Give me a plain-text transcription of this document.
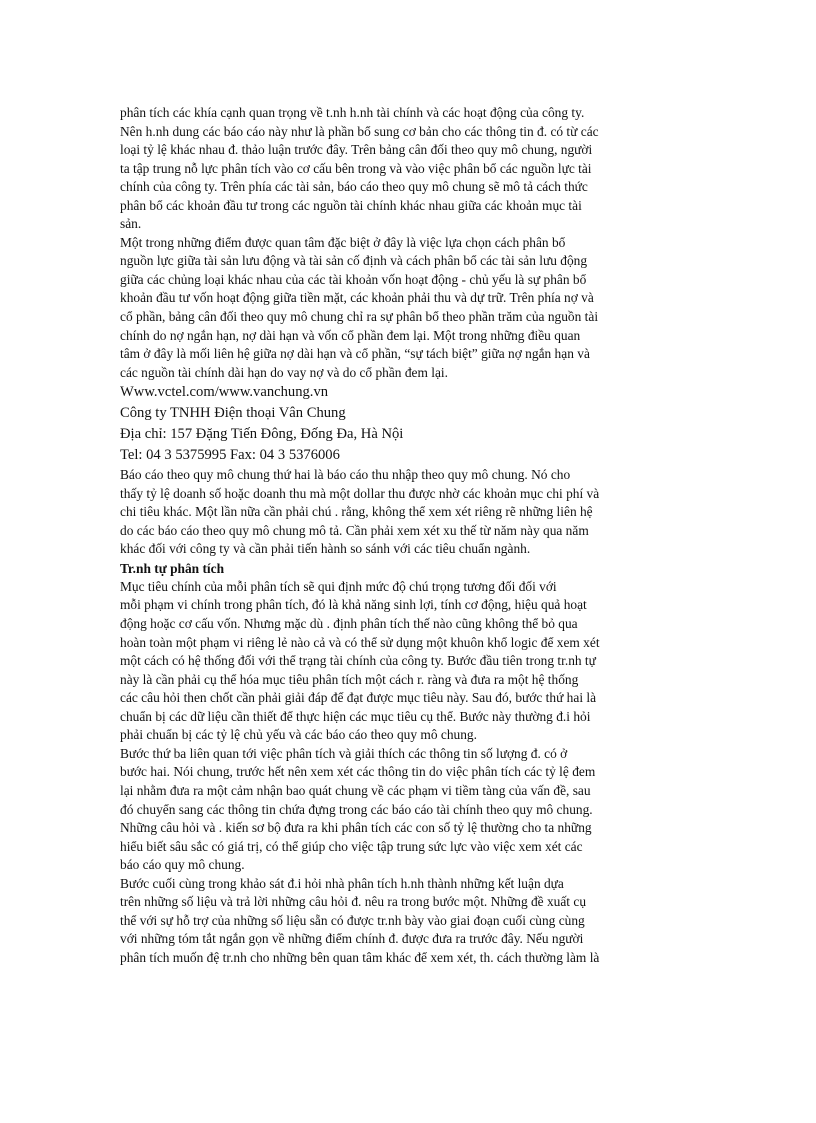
phân tích các khía cạnh quan trọng về t.nh h.nh tài chính và các hoạt động của công ty.
Nên h.nh dung các báo cáo này như là phần bổ sung cơ bản cho các thông tin đ. có từ các
loại tỷ lệ khác nhau đ. thảo luận trước đây. Trên bảng cân đối theo quy mô chung, người
ta tập trung nỗ lực phân tích vào cơ cấu bên trong và vào việc phân bổ các nguồn lực tài
chính của công ty. Trên phía các tài sản, báo cáo theo quy mô chung sẽ mô tả cách thức
phân bổ các khoản đầu tư trong các nguồn tài chính khác nhau giữa các khoản mục tài
sản.
Một trong những điểm được quan tâm đặc biệt ở đây là việc lựa chọn cách phân bổ
nguồn lực giữa tài sản lưu động và tài sản cố định và cách phân bổ các tài sản lưu động
giữa các chủng loại khác nhau của các tài khoản vốn hoạt động - chủ yếu là sự phân bổ
khoản đầu tư vốn hoạt động giữa tiền mặt, các khoản phải thu và dự trữ. Trên phía nợ và
cổ phần, bảng cân đối theo quy mô chung chỉ ra sự phân bổ theo phần trăm của nguồn tài
chính do nợ ngắn hạn, nợ dài hạn và vốn cổ phần đem lại. Một trong những điều quan
tâm ở đây là mối liên hệ giữa nợ dài hạn và cổ phần, “sự tách biệt” giữa nợ ngắn hạn và
các nguồn tài chính dài hạn do vay nợ và do cổ phần đem lại.

Www.vctel.com/www.vanchung.vn

Công ty TNHH Điện thoại Vân Chung

Địa chỉ: 157 Đặng Tiến Đông, Đống Đa, Hà Nội

Tel: 04 3 5375995 Fax: 04 3 5376006

Báo cáo theo quy mô chung thứ hai là báo cáo thu nhập theo quy mô chung. Nó cho
thấy tỷ lệ doanh số hoặc doanh thu mà một dollar thu được nhờ các khoản mục chi phí và
chi tiêu khác. Một lần nữa cần phải chú . rằng, không thể xem xét riêng rẽ những liên hệ
do các báo cáo theo quy mô chung mô tả. Cần phải xem xét xu thế từ năm này qua năm
khác đối với công ty và cần phải tiến hành so sánh với các tiêu chuẩn ngành.

Tr.nh tự phân tích

Mục tiêu chính của mỗi phân tích sẽ qui định mức độ chú trọng tương đối đối với
mỗi phạm vi chính trong phân tích, đó là khả năng sinh lợi, tính cơ động, hiệu quả hoạt
động hoặc cơ cấu vốn. Nhưng mặc dù . định phân tích thế nào cũng không thể bỏ qua
hoàn toàn một phạm vi riêng lẻ nào cả và có thể sử dụng một khuôn khổ logic để xem xét
một cách có hệ thống đối với thể trạng tài chính của công ty. Bước đầu tiên trong tr.nh tự
này là cần phải cụ thể hóa mục tiêu phân tích một cách r. ràng và đưa ra một hệ thống
các câu hỏi then chốt cần phải giải đáp để đạt được mục tiêu này. Sau đó, bước thứ hai là
chuẩn bị các dữ liệu cần thiết để thực hiện các mục tiêu cụ thể. Bước này thường đ.i hỏi
phải chuẩn bị các tỷ lệ chủ yếu và các báo cáo theo quy mô chung.
Bước thứ ba liên quan tới việc phân tích và giải thích các thông tin số lượng đ. có ở
bước hai. Nói chung, trước hết nên xem xét các thông tin do việc phân tích các tỷ lệ đem
lại nhằm đưa ra một cảm nhận bao quát chung về các phạm vi tiềm tàng của vấn đề, sau
đó chuyển sang các thông tin chứa đựng trong các báo cáo tài chính theo quy mô chung.
Những câu hỏi và . kiến sơ bộ đưa ra khi phân tích các con số tỷ lệ thường cho ta những
hiểu biết sâu sắc có giá trị, có thể giúp cho việc tập trung sức lực vào việc xem xét các
báo cáo quy mô chung.
Bước cuối cùng trong khảo sát đ.i hỏi nhà phân tích h.nh thành những kết luận dựa
trên những số liệu và trả lời những câu hỏi đ. nêu ra trong bước một. Những đề xuất cụ
thể với sự hỗ trợ của những số liệu sẵn có được tr.nh bày vào giai đoạn cuối cùng cùng
với những tóm tắt ngắn gọn về những điểm chính đ. được đưa ra trước đây. Nếu người
phân tích muốn đệ tr.nh cho những bên quan tâm khác để xem xét, th. cách thường làm là
